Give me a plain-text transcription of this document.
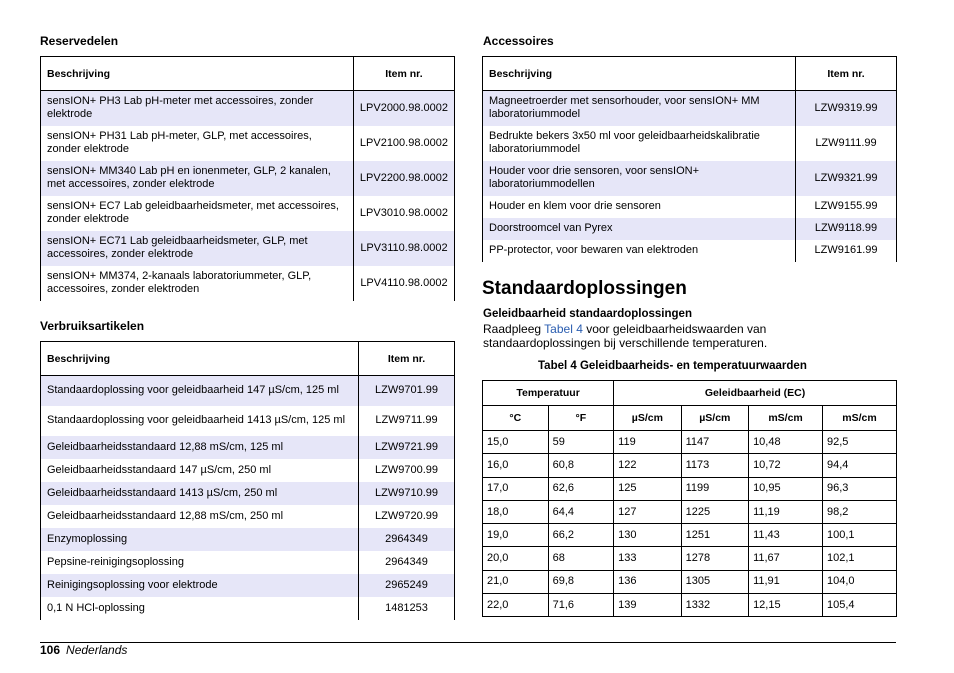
Reservedelen
Beschrijving	Item nr.
sensION+ PH3 Lab pH-meter met accessoires, zonder elektrode	LPV2000.98.0002
sensION+ PH31 Lab pH-meter, GLP, met accessoires, zonder elektrode	LPV2100.98.0002
sensION+ MM340 Lab pH en ionenmeter, GLP, 2 kanalen, met accessoires, zonder elektrode	LPV2200.98.0002
sensION+ EC7 Lab geleidbaarheidsmeter, met accessoires, zonder elektrode	LPV3010.98.0002
sensION+ EC71 Lab geleidbaarheidsmeter, GLP, met accessoires, zonder elektrode	LPV3110.98.0002
sensION+ MM374, 2-kanaals laboratoriummeter, GLP, accessoires, zonder elektroden	LPV4110.98.0002
Verbruiksartikelen
Beschrijving	Item nr.
Standaardoplossing voor geleidbaarheid 147 µS/cm, 125 ml	LZW9701.99
Standaardoplossing voor geleidbaarheid 1413 µS/cm, 125 ml	LZW9711.99
Geleidbaarheidsstandaard 12,88 mS/cm, 125 ml	LZW9721.99
Geleidbaarheidsstandaard 147 µS/cm, 250 ml	LZW9700.99
Geleidbaarheidsstandaard 1413 µS/cm, 250 ml	LZW9710.99
Geleidbaarheidsstandaard 12,88 mS/cm, 250 ml	LZW9720.99
Enzymoplossing	2964349
Pepsine-reinigingsoplossing	2964349
Reinigingsoplossing voor elektrode	2965249
0,1 N HCl-oplossing	1481253
Accessoires
Beschrijving	Item nr.
Magneetroerder met sensorhouder, voor sensION+ MM laboratoriummodel	LZW9319.99
Bedrukte bekers 3x50 ml voor geleidbaarheidskalibratie laboratoriummodel	LZW9111.99
Houder voor drie sensoren, voor sensION+ laboratoriummodellen	LZW9321.99
Houder en klem voor drie sensoren	LZW9155.99
Doorstroomcel van Pyrex	LZW9118.99
PP-protector, voor bewaren van elektroden	LZW9161.99
Standaardoplossingen
Geleidbaarheid standaardoplossingen
Raadpleeg Tabel 4 voor geleidbaarheidswaarden van standaardoplossingen bij verschillende temperaturen.
Tabel 4 Geleidbaarheids- en temperatuurwaarden
Temperatuur		Geleidbaarheid (EC)			
°C	°F	µS/cm	µS/cm	mS/cm	mS/cm
15,0	59	119	1147	10,48	92,5
16,0	60,8	122	1173	10,72	94,4
17,0	62,6	125	1199	10,95	96,3
18,0	64,4	127	1225	11,19	98,2
19,0	66,2	130	1251	11,43	100,1
20,0	68	133	1278	11,67	102,1
21,0	69,8	136	1305	11,91	104,0
22,0	71,6	139	1332	12,15	105,4
106 Nederlands
